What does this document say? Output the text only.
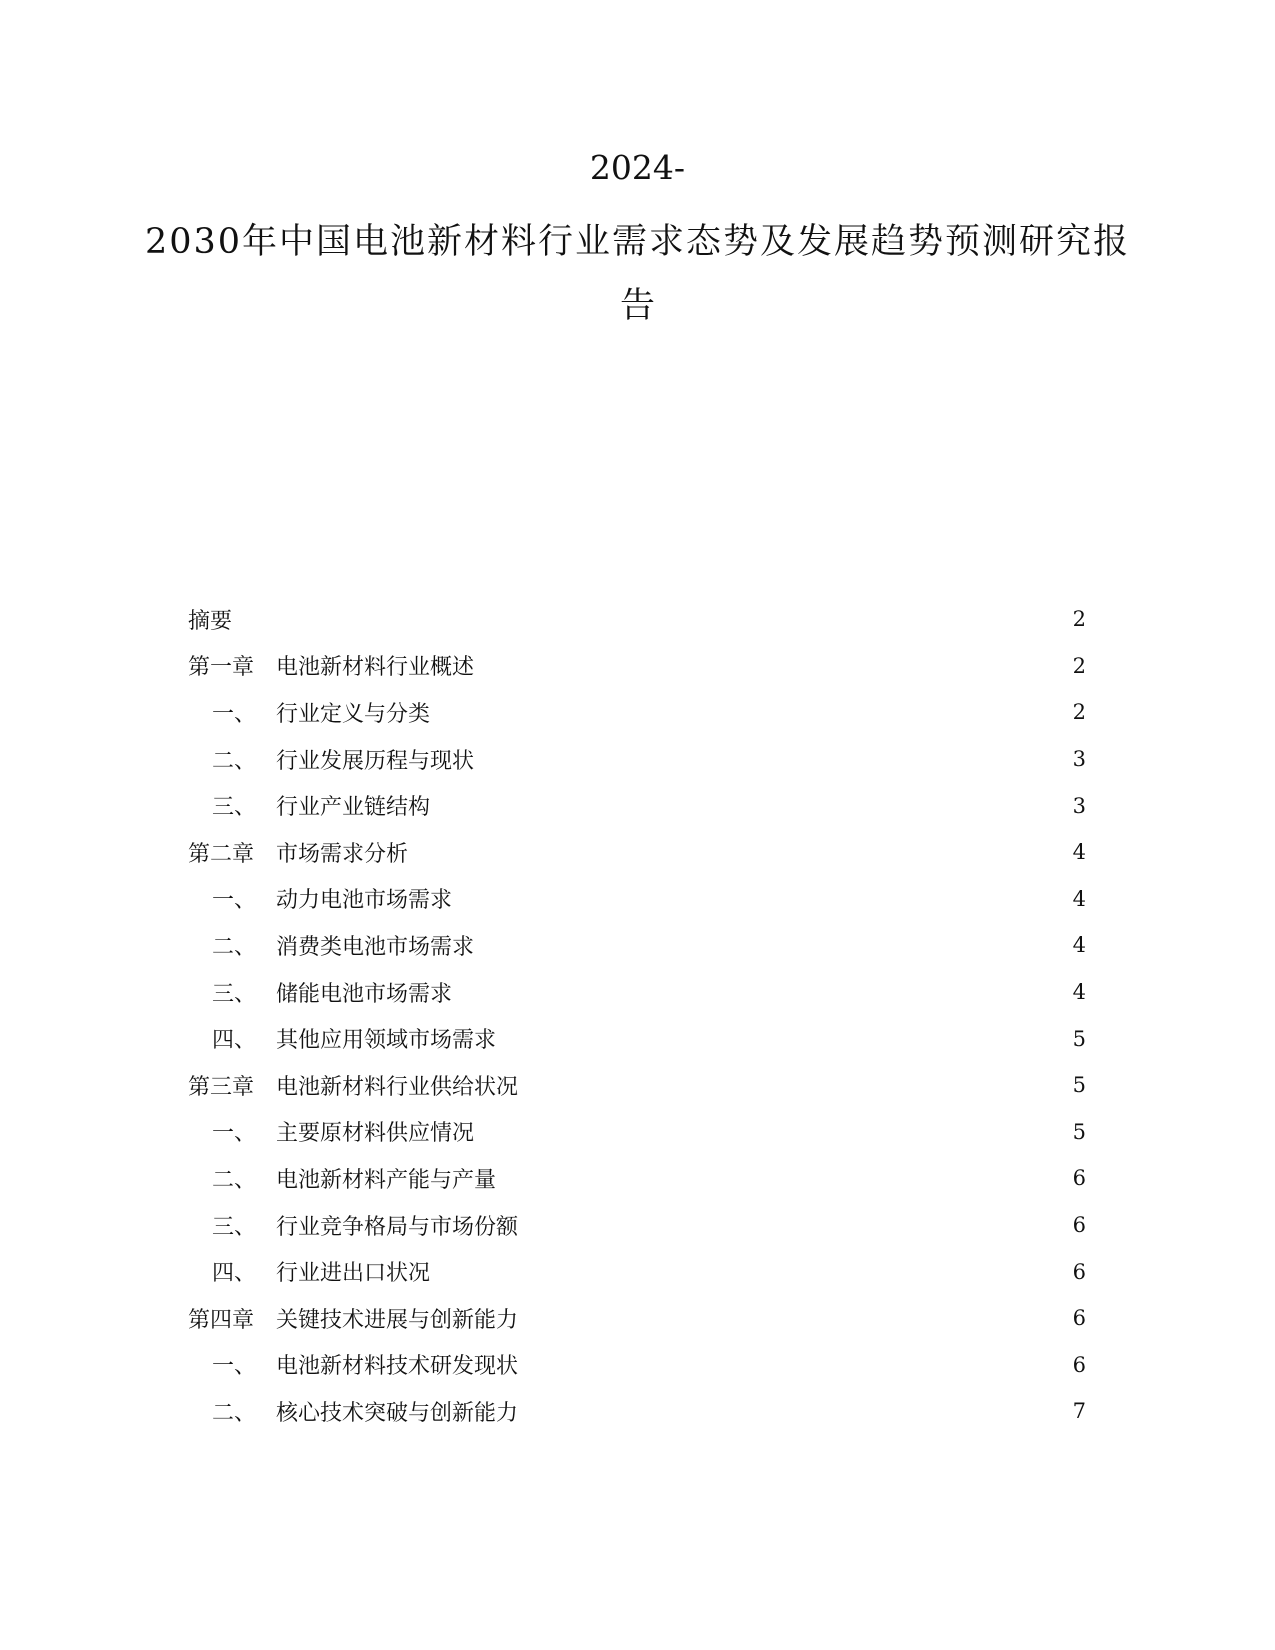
2024-
2030年中国电池新材料行业需求态势及发展趋势预测研究报
告
摘要	2
第一章 电池新材料行业概述	2
一、 行业定义与分类	2
二、 行业发展历程与现状	3
三、 行业产业链结构	3
第二章 市场需求分析	4
一、 动力电池市场需求	4
二、 消费类电池市场需求	4
三、 储能电池市场需求	4
四、 其他应用领域市场需求	5
第三章 电池新材料行业供给状况	5
一、 主要原材料供应情况	5
二、 电池新材料产能与产量	6
三、 行业竞争格局与市场份额	6
四、 行业进出口状况	6
第四章 关键技术进展与创新能力	6
一、 电池新材料技术研发现状	6
二、 核心技术突破与创新能力	7
